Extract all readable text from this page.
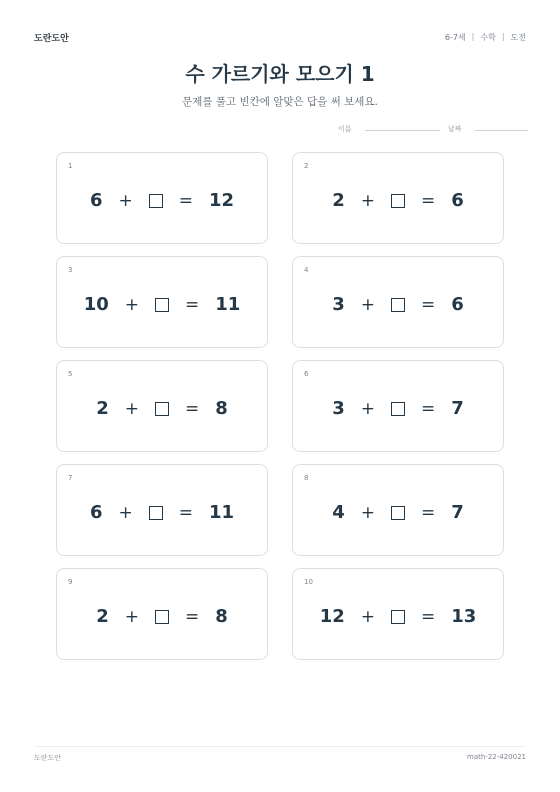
도란도안	6-7세 | 수학 | 도전
수 가르기와 모으기 1
문제를 풀고 빈칸에 알맞은 답을 써 보세요.
이름	날짜
1
6 +	= 12
2
2 +	= 6
3
10 +	= 11
4
3 +	= 6
5
2 +	= 8
6
3 +	= 7
7
6 +	= 11
8
4 +	= 7
9
2 +	= 8
10
12 +	= 13
도란도안	math-22-420021
